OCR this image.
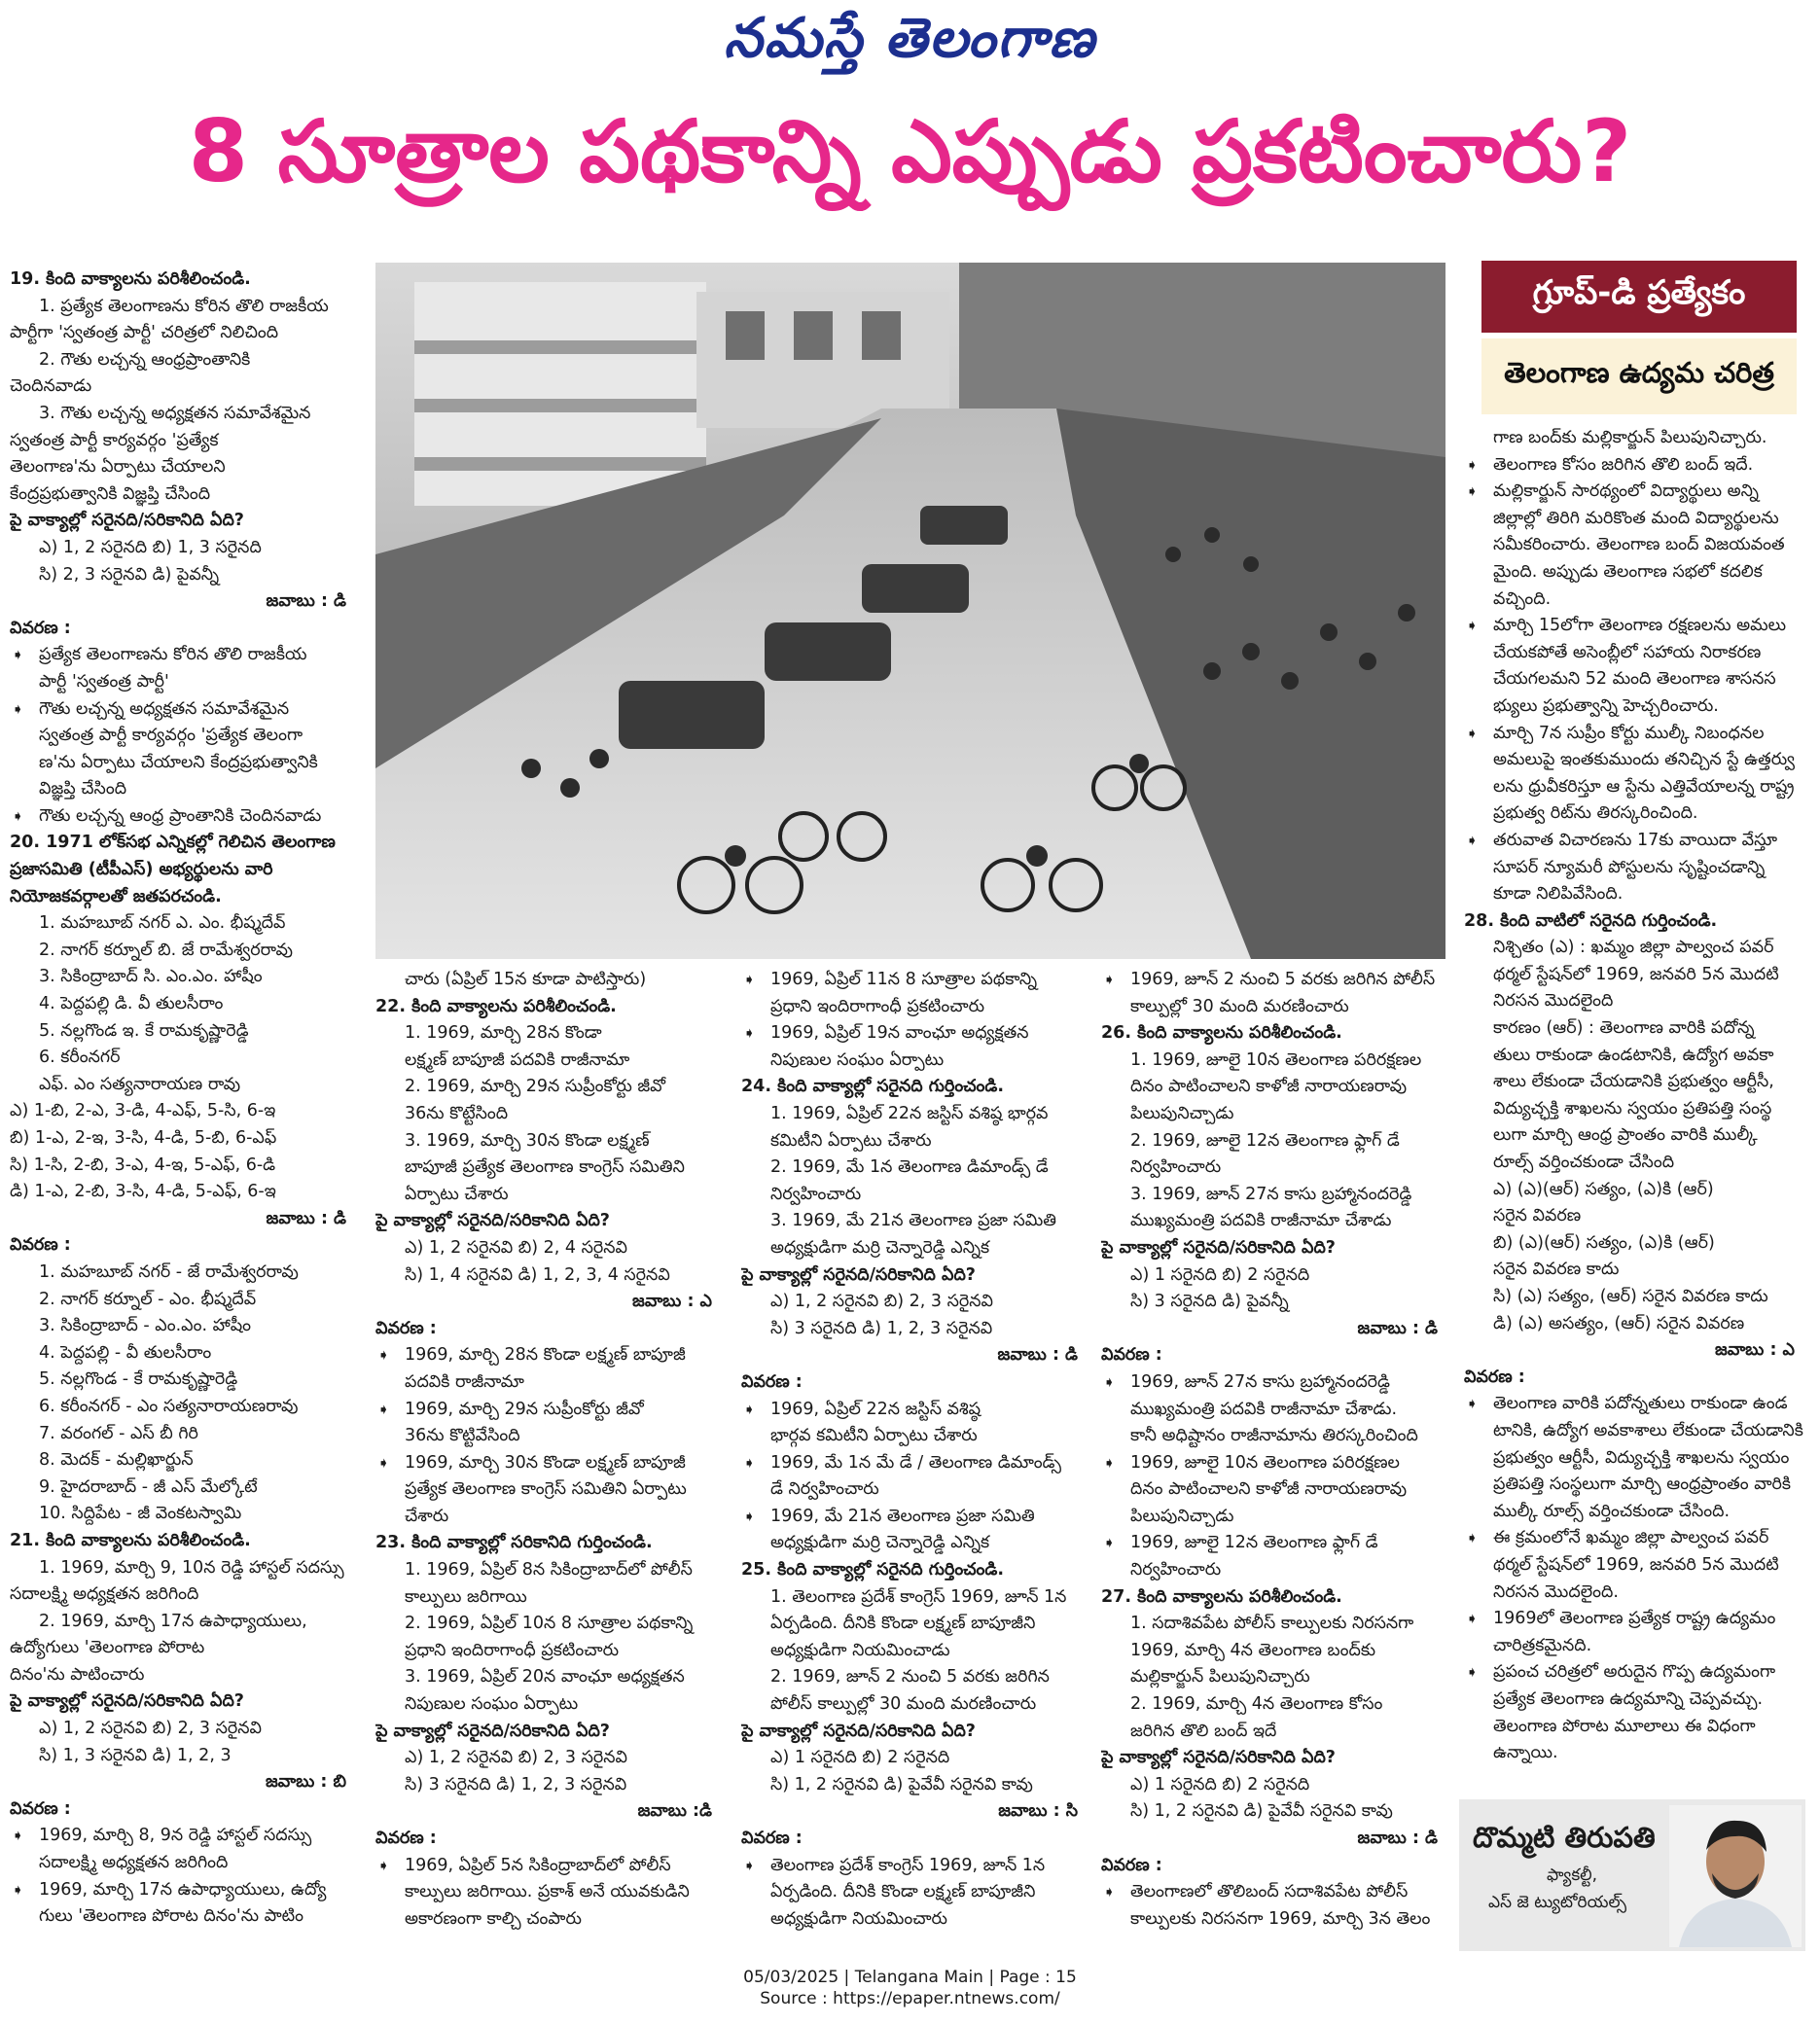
నమస్తే తెలంగాణ
8 సూత్రాల పథకాన్ని ఎప్పుడు ప్రకటించారు?
19. కింది వాక్యాలను పరిశీలించండి.
1. ప్రత్యేక తెలంగాణను కోరిన తొలి రాజకీయ
పార్టీగా 'స్వతంత్ర పార్టీ' చరిత్రలో నిలిచింది
2. గౌతు లచ్చన్న ఆంధ్రప్రాంతానికి
చెందినవాడు
3. గౌతు లచ్చన్న అధ్యక్షతన సమావేశమైన
స్వతంత్ర పార్టీ కార్యవర్గం 'ప్రత్యేక
తెలంగాణ'ను ఏర్పాటు చేయాలని
కేంద్రప్రభుత్వానికి విజ్ఞప్తి చేసింది
పై వాక్యాల్లో సరైనది/సరికానిది ఏది?
ఎ) 1, 2 సరైనది బి) 1, 3 సరైనది
సి) 2, 3 సరైనవి డి) పైవన్నీ
జవాబు : డి
వివరణ :
➧ ప్రత్యేక తెలంగాణను కోరిన తొలి రాజకీయ
పార్టీ 'స్వతంత్ర పార్టీ'
➧ గౌతు లచ్చన్న అధ్యక్షతన సమావేశమైన
స్వతంత్ర పార్టీ కార్యవర్గం 'ప్రత్యేక తెలంగా
ణ'ను ఏర్పాటు చేయాలని కేంద్రప్రభుత్వానికి
విజ్ఞప్తి చేసింది
➧ గౌతు లచ్చన్న ఆంధ్ర ప్రాంతానికి చెందినవాడు
20. 1971 లోక్‌సభ ఎన్నికల్లో గెలిచిన తెలంగాణ
ప్రజాసమితి (టీపీఎస్) అభ్యర్థులను వారి
నియోజకవర్గాలతో జతపరచండి.
1. మహబూబ్ నగర్ ఎ. ఎం. భీష్మదేవ్
2. నాగర్ కర్నూల్ బి. జే రామేశ్వరరావు
3. సికింద్రాబాద్ సి. ఎం.ఎం. హాషీం
4. పెద్దపల్లి డి. వీ తులసీరాం
5. నల్లగొండ ఇ. కే రామకృష్ణారెడ్డి
6. కరీంనగర్
ఎఫ్. ఎం సత్యనారాయణ రావు
ఎ) 1-బి, 2-ఎ, 3-డి, 4-ఎఫ్, 5-సి, 6-ఇ
బి) 1-ఎ, 2-ఇ, 3-సి, 4-డి, 5-బి, 6-ఎఫ్
సి) 1-సి, 2-బి, 3-ఎ, 4-ఇ, 5-ఎఫ్, 6-డి
డి) 1-ఎ, 2-బి, 3-సి, 4-డి, 5-ఎఫ్, 6-ఇ
జవాబు : డి
వివరణ :
1. మహబూబ్ నగర్ - జే రామేశ్వరరావు
2. నాగర్ కర్నూల్ - ఎం. భీష్మదేవ్
3. సికింద్రాబాద్ - ఎం.ఎం. హాషీం
4. పెద్దపల్లి - వీ తులసీరాం
5. నల్లగొండ - కే రామకృష్ణారెడ్డి
6. కరీంనగర్ - ఎం సత్యనారాయణరావు
7. వరంగల్ - ఎస్ బీ గిరి
8. మెదక్ - మల్లిఖార్జున్
9. హైదరాబాద్ - జీ ఎస్ మేల్కోటే
10. సిద్దిపేట - జీ వెంకటస్వామి
21. కింది వాక్యాలను పరిశీలించండి.
1. 1969, మార్చి 9, 10న రెడ్డి హాస్టల్ సదస్సు
సదాలక్ష్మి అధ్యక్షతన జరిగింది
2. 1969, మార్చి 17న ఉపాధ్యాయులు,
ఉద్యోగులు 'తెలంగాణ పోరాట
దినం'ను పాటించారు
పై వాక్యాల్లో సరైనది/సరికానిది ఏది?
ఎ) 1, 2 సరైనవి బి) 2, 3 సరైనవి
సి) 1, 3 సరైనవి డి) 1, 2, 3
జవాబు : బి
వివరణ :
➧ 1969, మార్చి 8, 9న రెడ్డి హాస్టల్ సదస్సు
సదాలక్ష్మి అధ్యక్షతన జరిగింది
➧ 1969, మార్చి 17న ఉపాధ్యాయులు, ఉద్యో
గులు 'తెలంగాణ పోరాట దినం'ను పాటిం
గ్రూప్-డి ప్రత్యేకం
తెలంగాణ ఉద్యమ చరిత్ర
చారు (ఏప్రిల్ 15న కూడా పాటిస్తారు)
22. కింది వాక్యాలను పరిశీలించండి.
1. 1969, మార్చి 28న కొండా
లక్ష్మణ్ బాపూజీ పదవికి రాజీనామా
2. 1969, మార్చి 29న సుప్రీంకోర్టు జీవో
36ను కొట్టేసింది
3. 1969, మార్చి 30న కొండా లక్ష్మణ్
బాపూజీ ప్రత్యేక తెలంగాణ కాంగ్రెస్ సమితిని
ఏర్పాటు చేశారు
పై వాక్యాల్లో సరైనది/సరికానిది ఏది?
ఎ) 1, 2 సరైనవి బి) 2, 4 సరైనవి
సి) 1, 4 సరైనవి డి) 1, 2, 3, 4 సరైనవి
జవాబు : ఎ
వివరణ :
➧ 1969, మార్చి 28న కొండా లక్ష్మణ్ బాపూజీ
పదవికి రాజీనామా
➧ 1969, మార్చి 29న సుప్రీంకోర్టు జీవో
36ను కొట్టివేసింది
➧ 1969, మార్చి 30న కొండా లక్ష్మణ్ బాపూజీ
ప్రత్యేక తెలంగాణ కాంగ్రెస్ సమితిని ఏర్పాటు
చేశారు
23. కింది వాక్యాల్లో సరికానిది గుర్తించండి.
1. 1969, ఏప్రిల్ 8న సికింద్రాబాద్‌లో పోలీస్
కాల్పులు జరిగాయి
2. 1969, ఏప్రిల్ 10న 8 సూత్రాల పథకాన్ని
ప్రధాని ఇందిరాగాంధీ ప్రకటించారు
3. 1969, ఏప్రిల్ 20న వాంఛూ అధ్యక్షతన
నిపుణుల సంఘం ఏర్పాటు
పై వాక్యాల్లో సరైనది/సరికానిది ఏది?
ఎ) 1, 2 సరైనవి బి) 2, 3 సరైనవి
సి) 3 సరైనది డి) 1, 2, 3 సరైనవి
జవాబు :డి
వివరణ :
➧ 1969, ఏప్రిల్ 5న సికింద్రాబాద్‌లో పోలీస్
కాల్పులు జరిగాయి. ప్రకాశ్ అనే యువకుడిని
అకారణంగా కాల్చి చంపారు
➧ 1969, ఏప్రిల్ 11న 8 సూత్రాల పథకాన్ని
ప్రధాని ఇందిరాగాంధీ ప్రకటించారు
➧ 1969, ఏప్రిల్ 19న వాంఛూ అధ్యక్షతన
నిపుణుల సంఘం ఏర్పాటు
24. కింది వాక్యాల్లో సరైనది గుర్తించండి.
1. 1969, ఏప్రిల్ 22న జస్టిస్ వశిష్ఠ భార్గవ
కమిటీని ఏర్పాటు చేశారు
2. 1969, మే 1న తెలంగాణ డిమాండ్స్ డే
నిర్వహించారు
3. 1969, మే 21న తెలంగాణ ప్రజా సమితి
అధ్యక్షుడిగా మర్రి చెన్నారెడ్డి ఎన్నిక
పై వాక్యాల్లో సరైనది/సరికానిది ఏది?
ఎ) 1, 2 సరైనవి బి) 2, 3 సరైనవి
సి) 3 సరైనది డి) 1, 2, 3 సరైనవి
జవాబు : డి
వివరణ :
➧ 1969, ఏప్రిల్ 22న జస్టిస్ వశిష్ఠ
భార్గవ కమిటీని ఏర్పాటు చేశారు
➧ 1969, మే 1న మే డే / తెలంగాణ డిమాండ్స్
డే నిర్వహించారు
➧ 1969, మే 21న తెలంగాణ ప్రజా సమితి
అధ్యక్షుడిగా మర్రి చెన్నారెడ్డి ఎన్నిక
25. కింది వాక్యాల్లో సరైనది గుర్తించండి.
1. తెలంగాణ ప్రదేశ్ కాంగ్రెస్ 1969, జూన్ 1న
ఏర్పడింది. దీనికి కొండా లక్ష్మణ్ బాపూజీని
అధ్యక్షుడిగా నియమించాడు
2. 1969, జూన్ 2 నుంచి 5 వరకు జరిగిన
పోలీస్ కాల్పుల్లో 30 మంది మరణించారు
పై వాక్యాల్లో సరైనది/సరికానిది ఏది?
ఎ) 1 సరైనది బి) 2 సరైనది
సి) 1, 2 సరైనవి డి) పైవేవీ సరైనవి కావు
జవాబు : సి
వివరణ :
➧ తెలంగాణ ప్రదేశ్ కాంగ్రెస్ 1969, జూన్ 1న
ఏర్పడింది. దీనికి కొండా లక్ష్మణ్ బాపూజీని
అధ్యక్షుడిగా నియమించారు
➧ 1969, జూన్ 2 నుంచి 5 వరకు జరిగిన పోలీస్
కాల్పుల్లో 30 మంది మరణించారు
26. కింది వాక్యాలను పరిశీలించండి.
1. 1969, జూలై 10న తెలంగాణ పరిరక్షణల
దినం పాటించాలని కాళోజీ నారాయణరావు
పిలుపునిచ్చాడు
2. 1969, జూలై 12న తెలంగాణ ఫ్లాగ్ డే
నిర్వహించారు
3. 1969, జూన్ 27న కాసు బ్రహ్మానందరెడ్డి
ముఖ్యమంత్రి పదవికి రాజీనామా చేశాడు
పై వాక్యాల్లో సరైనది/సరికానిది ఏది?
ఎ) 1 సరైనది బి) 2 సరైనది
సి) 3 సరైనది డి) పైవన్నీ
జవాబు : డి
వివరణ :
➧ 1969, జూన్ 27న కాసు బ్రహ్మానందరెడ్డి
ముఖ్యమంత్రి పదవికి రాజీనామా చేశాడు.
కానీ అధిష్టానం రాజీనామాను తిరస్కరించింది
➧ 1969, జూలై 10న తెలంగాణ పరిరక్షణల
దినం పాటించాలని కాళోజీ నారాయణరావు
పిలుపునిచ్చాడు
➧ 1969, జూలై 12న తెలంగాణ ఫ్లాగ్ డే
నిర్వహించారు
27. కింది వాక్యాలను పరిశీలించండి.
1. సదాశివపేట పోలీస్ కాల్పులకు నిరసనగా
1969, మార్చి 4న తెలంగాణ బంద్‌కు
మల్లికార్జున్ పిలుపునిచ్చారు
2. 1969, మార్చి 4న తెలంగాణ కోసం
జరిగిన తొలి బంద్ ఇదే
పై వాక్యాల్లో సరైనది/సరికానిది ఏది?
ఎ) 1 సరైనది బి) 2 సరైనది
సి) 1, 2 సరైనవి డి) పైవేవీ సరైనవి కావు
జవాబు : డి
వివరణ :
➧ తెలంగాణలో తొలిబంద్ సదాశివపేట పోలీస్
కాల్పులకు నిరసనగా 1969, మార్చి 3న తెలం
గాణ బంద్‌కు మల్లికార్జున్ పిలుపునిచ్చారు.
➧ తెలంగాణ కోసం జరిగిన తొలి బంద్ ఇదే.
➧ మల్లికార్జున్ సారథ్యంలో విద్యార్థులు అన్ని
జిల్లాల్లో తిరిగి మరికొంత మంది విద్యార్థులను
సమీకరించారు. తెలంగాణ బంద్ విజయవంత
మైంది. అప్పుడు తెలంగాణ సభలో కదలిక
వచ్చింది.
➧ మార్చి 15లోగా తెలంగాణ రక్షణలను అమలు
చేయకపోతే అసెంబ్లీలో సహాయ నిరాకరణ
చేయగలమని 52 మంది తెలంగాణ శాసనస
భ్యులు ప్రభుత్వాన్ని హెచ్చరించారు.
➧ మార్చి 7న సుప్రీం కోర్టు ముల్కీ నిబంధనల
అమలుపై ఇంతకుముందు తనిచ్చిన స్టే ఉత్తర్వు
లను ధ్రువీకరిస్తూ ఆ స్టేను ఎత్తివేయాలన్న రాష్ట్ర
ప్రభుత్వ రిట్‌ను తిరస్కరించింది.
➧ తరువాత విచారణను 17కు వాయిదా వేస్తూ
సూపర్ న్యూమరీ పోస్టులను సృష్టించడాన్ని
కూడా నిలిపివేసింది.
28. కింది వాటిలో సరైనది గుర్తించండి.
నిశ్చితం (ఎ) : ఖమ్మం జిల్లా పాల్వంచ పవర్
థర్మల్ స్టేషన్‌లో 1969, జనవరి 5న మొదటి
నిరసన మొదలైంది
కారణం (ఆర్) : తెలంగాణ వారికి పదోన్న
తులు రాకుండా ఉండటానికి, ఉద్యోగ అవకా
శాలు లేకుండా చేయడానికి ప్రభుత్వం ఆర్టీసీ,
విద్యుచ్ఛక్తి శాఖలను స్వయం ప్రతిపత్తి సంస్థ
లుగా మార్చి ఆంధ్ర ప్రాంతం వారికి ముల్కీ
రూల్స్ వర్తించకుండా చేసింది
ఎ) (ఎ)(ఆర్) సత్యం, (ఎ)కి (ఆర్)
సరైన వివరణ
బి) (ఎ)(ఆర్) సత్యం, (ఎ)కి (ఆర్)
సరైన వివరణ కాదు
సి) (ఎ) సత్యం, (ఆర్) సరైన వివరణ కాదు
డి) (ఎ) అసత్యం, (ఆర్) సరైన వివరణ
జవాబు : ఎ
వివరణ :
➧ తెలంగాణ వారికి పదోన్నతులు రాకుండా ఉండ
టానికి, ఉద్యోగ అవకాశాలు లేకుండా చేయడానికి
ప్రభుత్వం ఆర్టీసీ, విద్యుచ్ఛక్తి శాఖలను స్వయం
ప్రతిపత్తి సంస్థలుగా మార్చి ఆంధ్రప్రాంతం వారికి
ముల్కీ రూల్స్ వర్తించకుండా చేసింది.
➧ ఈ క్రమంలోనే ఖమ్మం జిల్లా పాల్వంచ పవర్
థర్మల్ స్టేషన్‌లో 1969, జనవరి 5న మొదటి
నిరసన మొదలైంది.
➧ 1969లో తెలంగాణ ప్రత్యేక రాష్ట్ర ఉద్యమం
చారిత్రకమైనది.
➧ ప్రపంచ చరిత్రలో అరుదైన గొప్ప ఉద్యమంగా
ప్రత్యేక తెలంగాణ ఉద్యమాన్ని చెప్పవచ్చు.
తెలంగాణ పోరాట మూలాలు ఈ విధంగా
ఉన్నాయి.
దొమ్మటి తిరుపతి
ఫ్యాకల్టీ,
ఎస్ జె ట్యుటోరియల్స్
05/03/2025 | Telangana Main | Page : 15
Source : https://epaper.ntnews.com/
